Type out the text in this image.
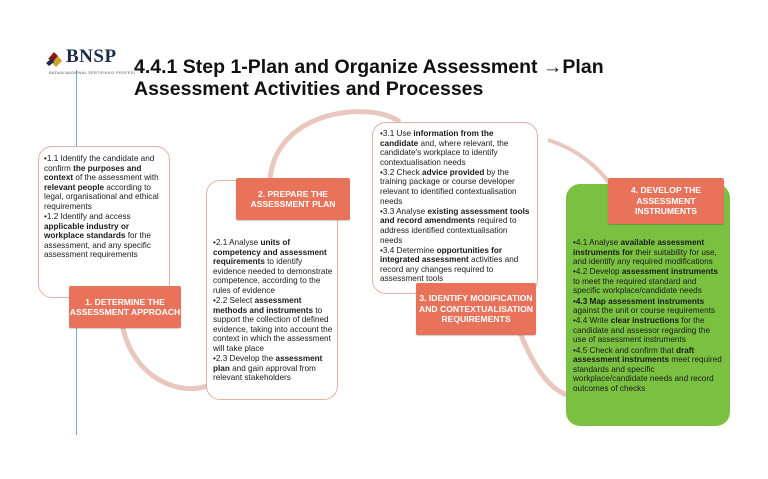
BNSP
BADAN NASIONAL SERTIFIKASI PROFESI 4.4.1 Step 1-Plan and Organize Assessment →Plan Assessment Activities and Processes

•1.1 Identify the candidate and confirm the purposes and context of the assessment with relevant people according to legal, organisational and ethical requirements

•1.2 Identify and access applicable industry or workplace standards for the assessment, and any specific assessment requirements

1. DETERMINE THE ASSESSMENT APPROACH
2. PREPARE THE ASSESSMENT PLAN

•2.1 Analyse units of competency and assessment requirements to identify evidence needed to demonstrate competence, according to the rules of evidence

•2.2 Select assessment methods and instruments to support the collection of defined evidence, taking into account the context in which the assessment will take place

•2.3 Develop the assessment plan and gain approval from relevant stakeholders

•3.1 Use information from the candidate and, where relevant, the candidate's workplace to identify contextualisation needs

•3.2 Check advice provided by the training package or course developer relevant to identified contextualisation needs

•3.3 Analyse existing assessment tools and record amendments required to address identified contextualisation needs

•3.4 Determine opportunities for integrated assessment activities and record any changes required to assessment tools

3. IDENTIFY MODIFICATION AND CONTEXTUALISATION REQUIREMENTS
4. DEVELOP THE ASSESSMENT INSTRUMENTS

•4.1 Analyse available assessment instruments for their suitability for use, and identify any required modifications

•4.2 Develop assessment instruments to meet the required standard and specific workplace/candidate needs

•4.3 Map assessment instruments against the unit or course requirements

•4.4 Write clear instructions for the candidate and assessor regarding the use of assessment instruments

•4.5 Check and confirm that draft assessment instruments meet required standards and specific workplace/candidate needs and record outcomes of checks
